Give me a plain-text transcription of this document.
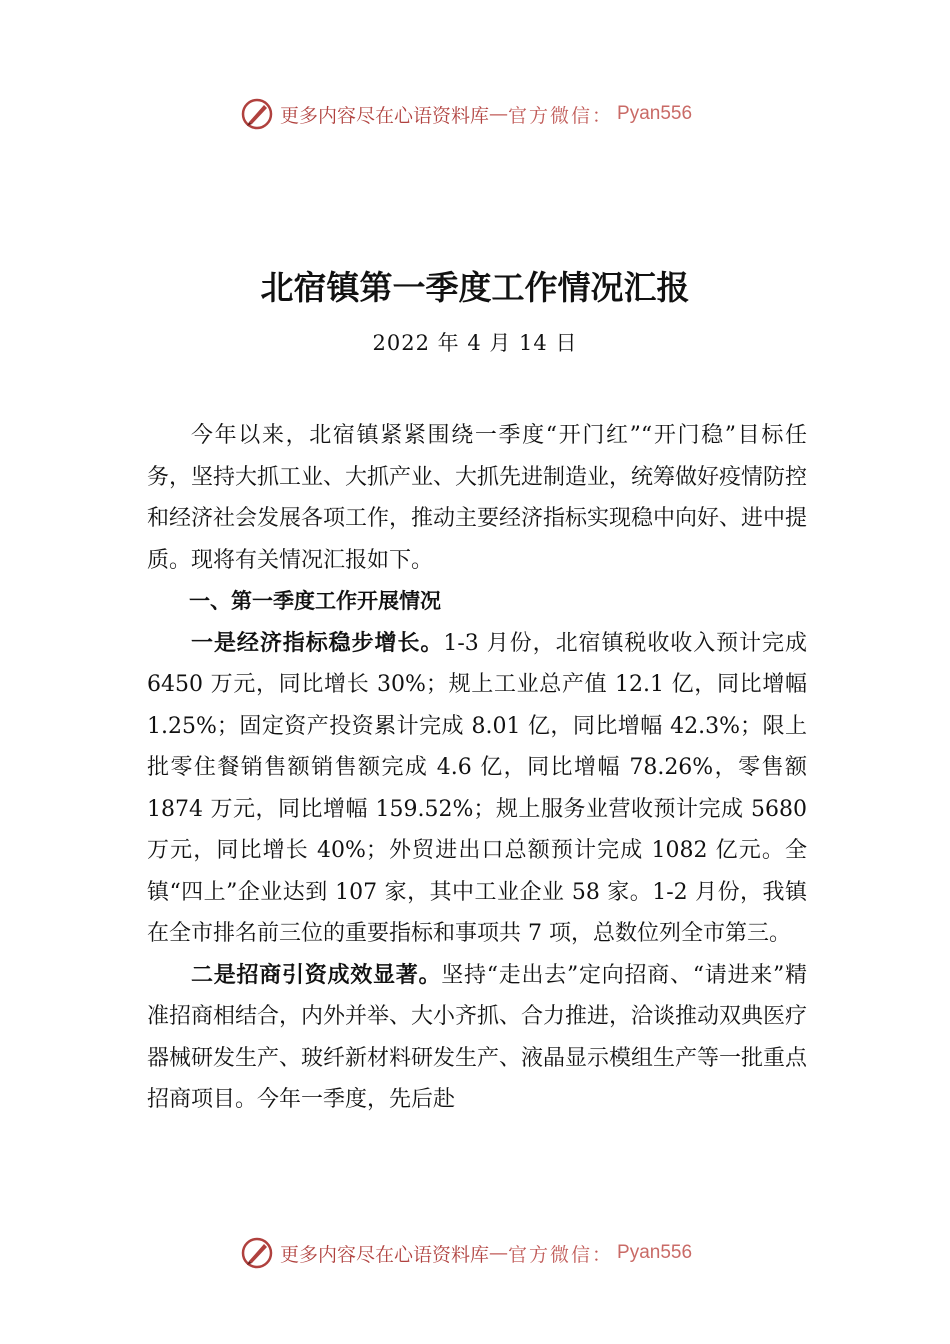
更多内容尽在心语资料库 — 官方微信： Pyan556
北宿镇第一季度工作情况汇报
2022 年 4 月 14 日

今年以来，北宿镇紧紧围绕一季度“开门红”“开门稳”目标任务，坚持大抓工业、大抓产业、大抓先进制造业，统筹做好疫情防控和经济社会发展各项工作，推动主要经济指标实现稳中向好、进中提质。现将有关情况汇报如下。

一、第一季度工作开展情况

一是经济指标稳步增长。1-3 月份，北宿镇税收收入预计完成 6450 万元，同比增长 30%；规上工业总产值 12.1 亿，同比增幅 1.25%；固定资产投资累计完成 8.01 亿，同比增幅 42.3%；限上批零住餐销售额销售额完成 4.6 亿，同比增幅 78.26%，零售额 1874 万元，同比增幅 159.52%；规上服务业营收预计完成 5680 万元，同比增长 40%；外贸进出口总额预计完成 1082 亿元。全镇“四上”企业达到 107 家，其中工业企业 58 家。1-2 月份，我镇在全市排名前三位的重要指标和事项共 7 项，总数位列全市第三。

二是招商引资成效显著。坚持“走出去”定向招商、“请进来”精准招商相结合，内外并举、大小齐抓、合力推进，洽谈推动双典医疗器械研发生产、玻纤新材料研发生产、液晶显示模组生产等一批重点招商项目。今年一季度，先后赴

更多内容尽在心语资料库 — 官方微信： Pyan556
